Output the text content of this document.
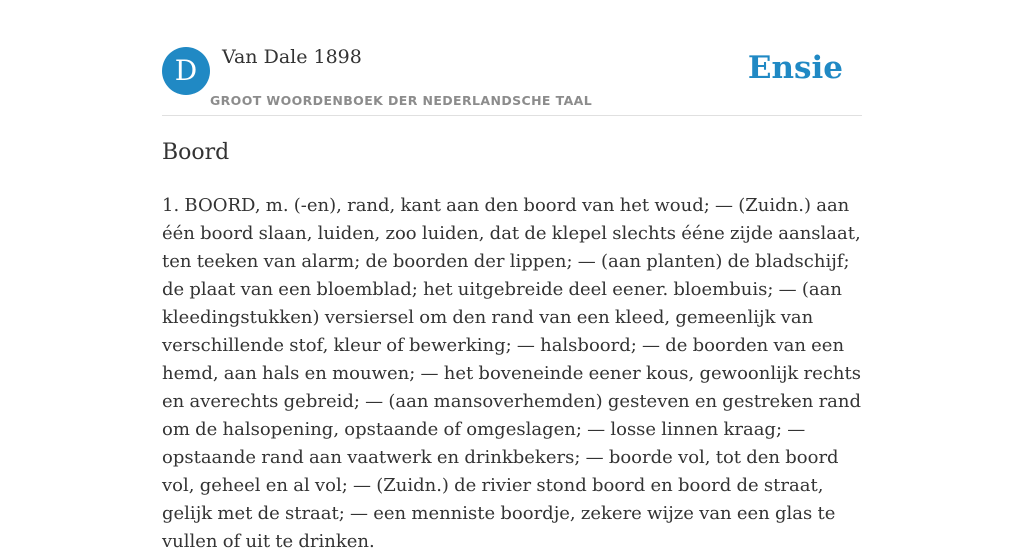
D	Van Dale 1898
GROOT WOORDENBOEK DER NEDERLANDSCHE TAAL
Ensie
Boord

1. BOORD, m. (-en), rand, kant aan den boord van het woud; — (Zuidn.) aan één boord slaan, luiden, zoo luiden, dat de klepel slechts ééne zijde aanslaat, ten teeken van alarm; de boorden der lippen; — (aan planten) de bladschijf; de plaat van een bloemblad; het uitgebreide deel eener. bloembuis; — (aan kleedingstukken) versiersel om den rand van een kleed, gemeenlijk van verschillende stof, kleur of bewerking; — halsboord; — de boorden van een hemd, aan hals en mouwen; — het boveneinde eener kous, gewoonlijk rechts en averechts gebreid; — (aan mansoverhemden) gesteven en gestreken rand om de halsopening, opstaande of omgeslagen; — losse linnen kraag; — opstaande rand aan vaatwerk en drinkbekers; — boorde vol, tot den boord vol, geheel en al vol; — (Zuidn.) de rivier stond boord en boord de straat, gelijk met de straat; — een menniste boordje, zekere wijze van een glas te vullen of uit te drinken.
